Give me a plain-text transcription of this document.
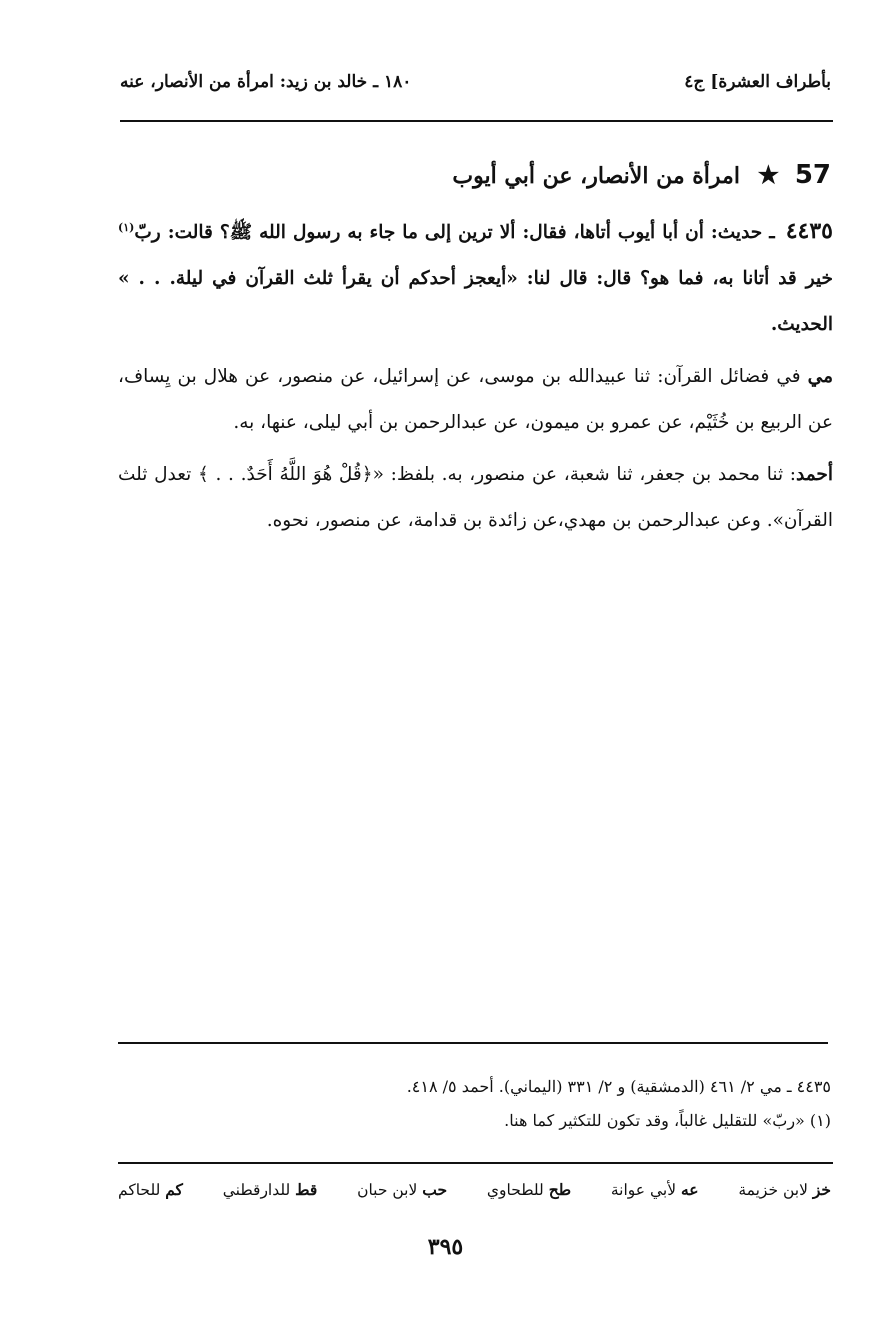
بأطراف العشرة] ج٤
١٨٠ ـ خالد بن زيد: امرأة من الأنصار، عنه
57 ★ امرأة من الأنصار، عن أبي أيوب

٤٤٣٥ ـ حديث: أن أبا أيوب أتاها، فقال: ألا ترين إلى ما جاء به رسول الله ﷺ؟ قالت: ربّ$^{(١)}$ خير قد أتانا به، فما هو؟ قال: قال لنا: «أيعجز أحدكم أن يقرأ ثلث القرآن في ليلة. . . » الحديث.

مي في فضائل القرآن: ثنا عبيدالله بن موسى، عن إسرائيل، عن منصور، عن هلال بن يِساف، عن الربيع بن خُثَيْم، عن عمرو بن ميمون، عن عبدالرحمن بن أبي ليلى، عنها، به.

أحمد: ثنا محمد بن جعفر، ثنا شعبة، عن منصور، به. بلفظ: «﴿قُلْ هُوَ اللَّهُ أَحَدٌ. . . ﴾ تعدل ثلث القرآن». وعن عبدالرحمن بن مهدي،عن زائدة بن قدامة، عن منصور، نحوه.

٤٤٣٥ ـ مي ٢/ ٤٦١ (الدمشقية) و ٢/ ٣٣١ (اليماني). أحمد ٥/ ٤١٨.

(١) «ربّ» للتقليل غالباً، وقد تكون للتكثير كما هنا.

خز لابن خزيمة
عه لأبي عوانة
طح للطحاوي
حب لابن حبان
قط للدارقطني
كم للحاكم
٣٩٥
